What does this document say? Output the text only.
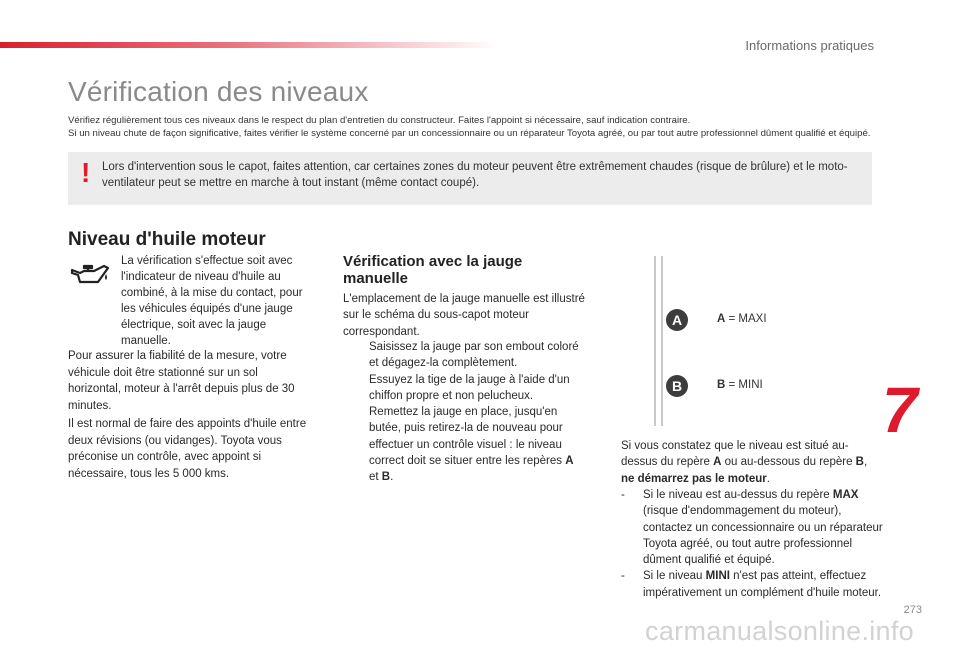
Informations pratiques
Vérification des niveaux

Vérifiez régulièrement tous ces niveaux dans le respect du plan d'entretien du constructeur. Faites l'appoint si nécessaire, sauf indication contraire.

Si un niveau chute de façon significative, faites vérifier le système concerné par un concessionnaire ou un réparateur Toyota agréé, ou par tout autre professionnel dûment qualifié et équipé.

! Lors d'intervention sous le capot, faites attention, car certaines zones du moteur peuvent être extrêmement chaudes (risque de brûlure) et le moto-ventilateur peut se mettre en marche à tout instant (même contact coupé).
Niveau d'huile moteur
La vérification s'effectue soit avec l'indicateur de niveau d'huile au combiné, à la mise du contact, pour les véhicules équipés d'une jauge électrique, soit avec la jauge manuelle.

Pour assurer la fiabilité de la mesure, votre véhicule doit être stationné sur un sol horizontal, moteur à l'arrêt depuis plus de 30 minutes.

Il est normal de faire des appoints d'huile entre deux révisions (ou vidanges). Toyota vous préconise un contrôle, avec appoint si nécessaire, tous les 5 000 kms.

Vérification avec la jauge manuelle

L'emplacement de la jauge manuelle est illustré sur le schéma du sous-capot moteur correspondant.

Saisissez la jauge par son embout coloré et dégagez-la complètement.
Essuyez la tige de la jauge à l'aide d'un chiffon propre et non pelucheux.
Remettez la jauge en place, jusqu'en butée, puis retirez-la de nouveau pour effectuer un contrôle visuel : le niveau correct doit se situer entre les repères A
et B.
A
B
A = MAXI
B = MINI

Si vous constatez que le niveau est situé au-dessus du repère A ou au-dessous du repère B, ne démarrez pas le moteur.

- Si le niveau est au-dessus du repère MAX (risque d'endommagement du moteur), contactez un concessionnaire ou un réparateur Toyota agréé, ou tout autre professionnel dûment qualifié et équipé.
- Si le niveau MINI n'est pas atteint, effectuez impérativement un complément d'huile moteur.
7
273
carmanualsonline.info
